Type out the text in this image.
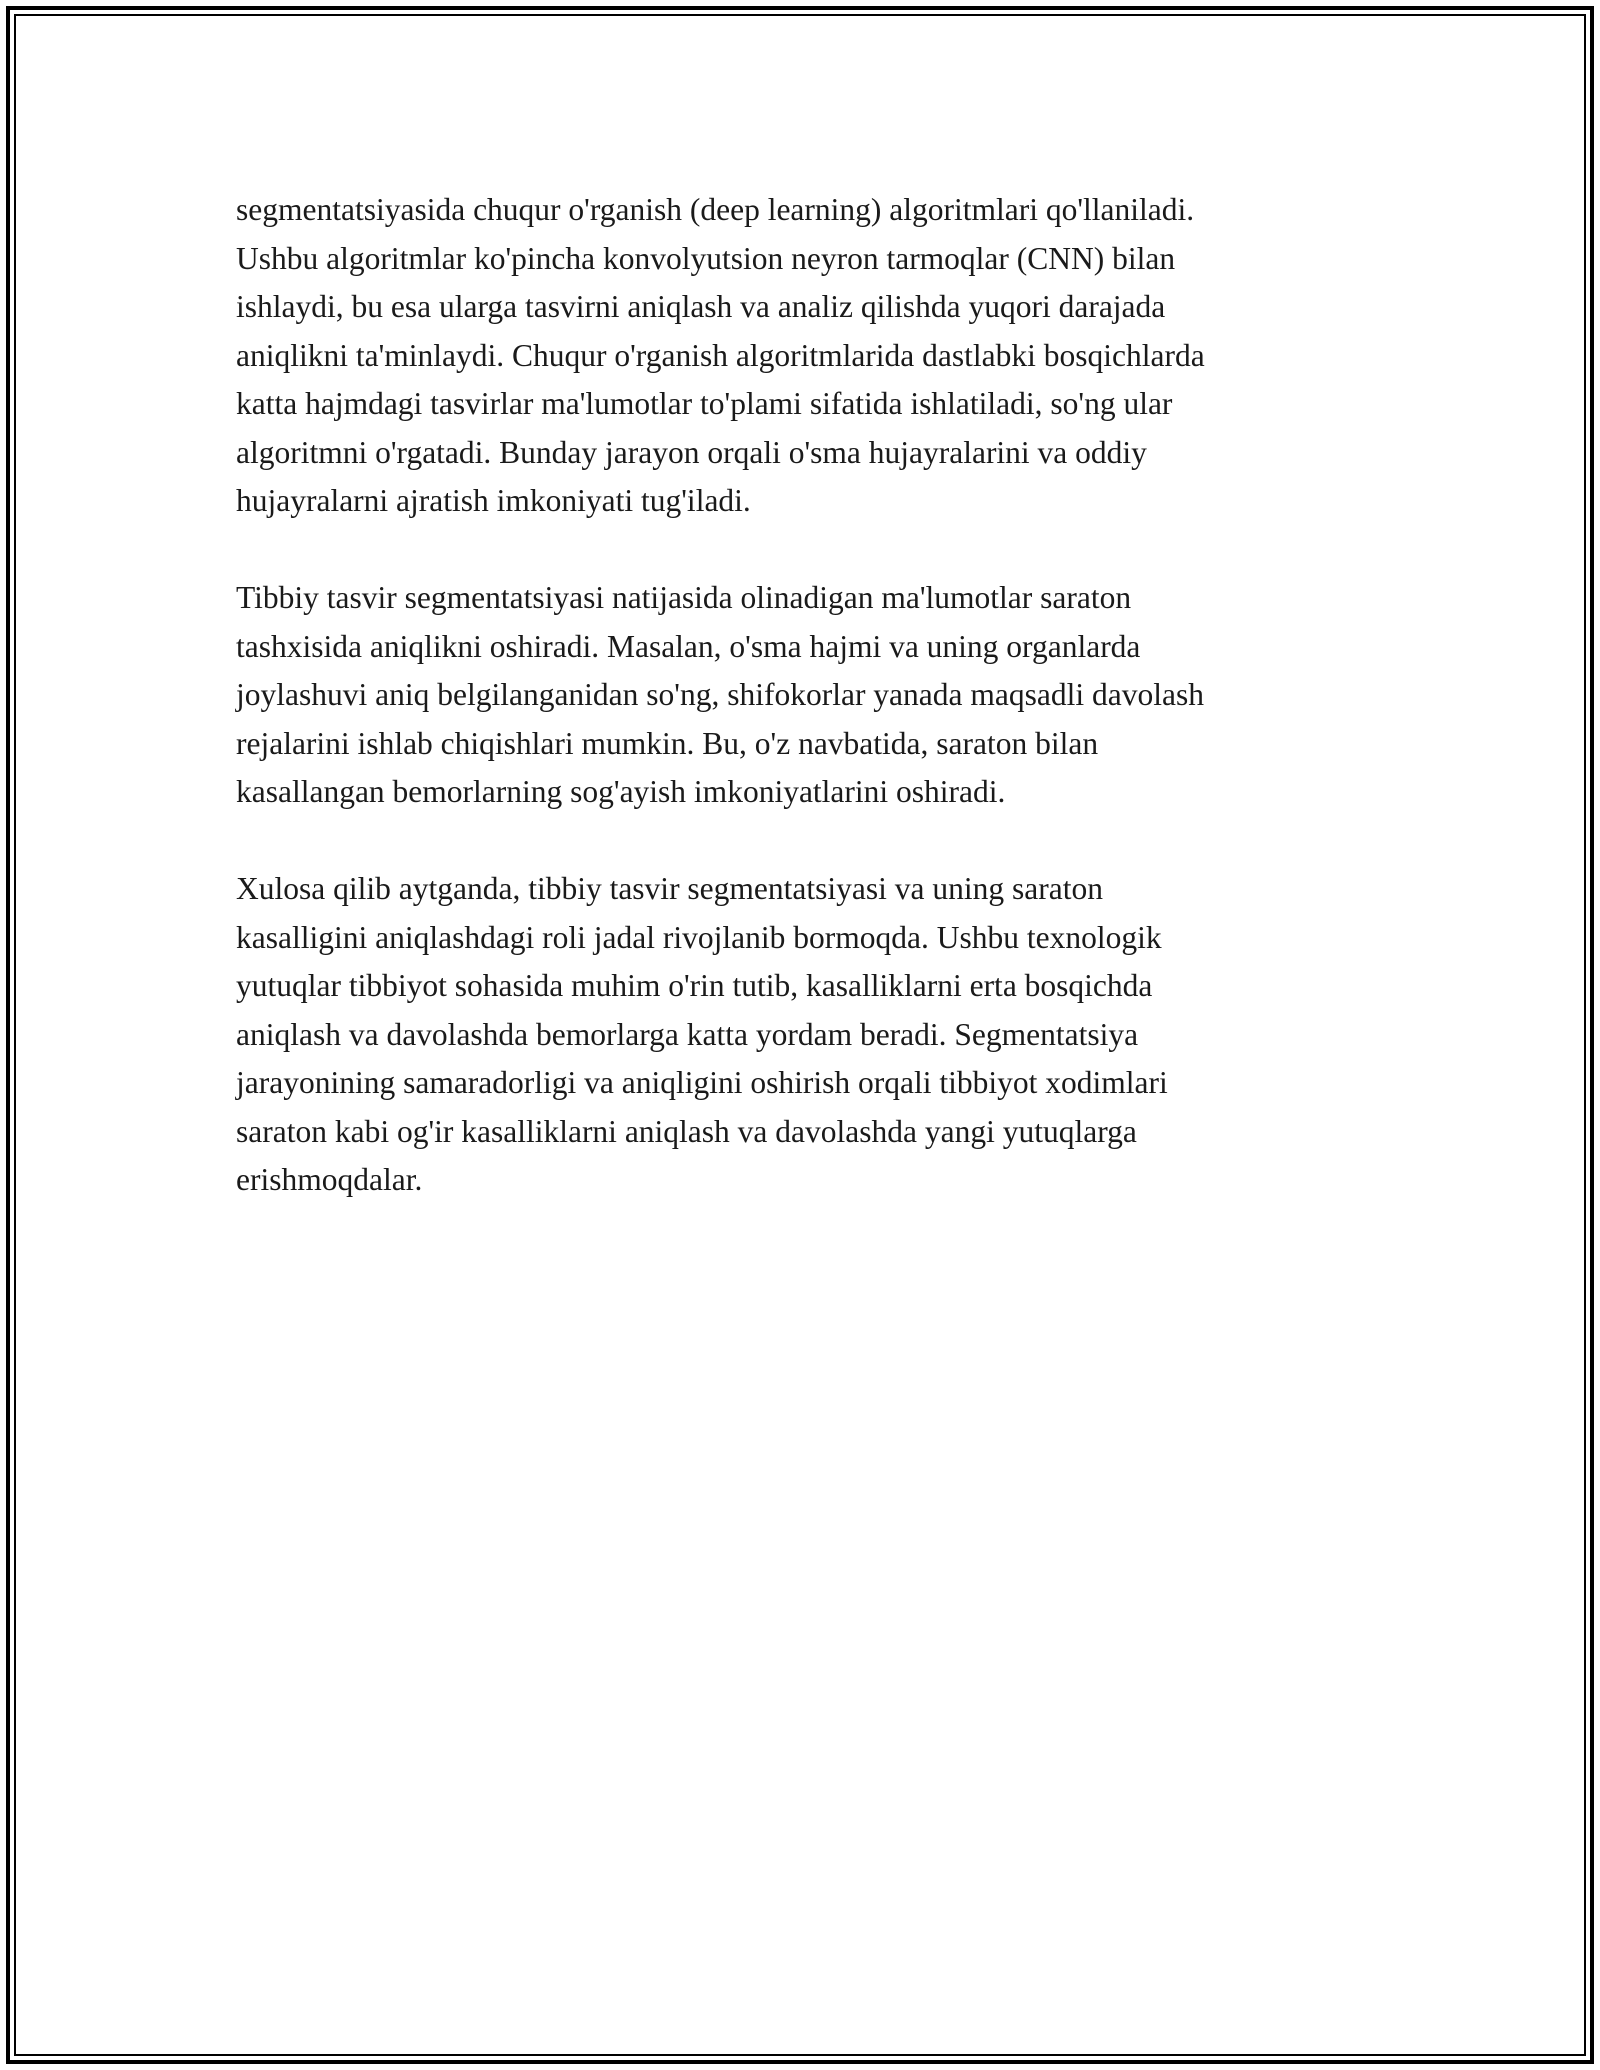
segmentatsiyasida chuqur o'rganish (deep learning) algoritmlari qo'llaniladi.
Ushbu algoritmlar ko'pincha konvolyutsion neyron tarmoqlar (CNN) bilan
ishlaydi, bu esa ularga tasvirni aniqlash va analiz qilishda yuqori darajada
aniqlikni ta'minlaydi. Chuqur o'rganish algoritmlarida dastlabki bosqichlarda
katta hajmdagi tasvirlar ma'lumotlar to'plami sifatida ishlatiladi, so'ng ular
algoritmni o'rgatadi. Bunday jarayon orqali o'sma hujayralarini va oddiy
hujayralarni ajratish imkoniyati tug'iladi.

Tibbiy tasvir segmentatsiyasi natijasida olinadigan ma'lumotlar saraton
tashxisida aniqlikni oshiradi. Masalan, o'sma hajmi va uning organlarda
joylashuvi aniq belgilanganidan so'ng, shifokorlar yanada maqsadli davolash
rejalarini ishlab chiqishlari mumkin. Bu, o'z navbatida, saraton bilan
kasallangan bemorlarning sog'ayish imkoniyatlarini oshiradi.

Xulosa qilib aytganda, tibbiy tasvir segmentatsiyasi va uning saraton
kasalligini aniqlashdagi roli jadal rivojlanib bormoqda. Ushbu texnologik
yutuqlar tibbiyot sohasida muhim o'rin tutib, kasalliklarni erta bosqichda
aniqlash va davolashda bemorlarga katta yordam beradi. Segmentatsiya
jarayonining samaradorligi va aniqligini oshirish orqali tibbiyot xodimlari
saraton kabi og'ir kasalliklarni aniqlash va davolashda yangi yutuqlarga
erishmoqdalar.
